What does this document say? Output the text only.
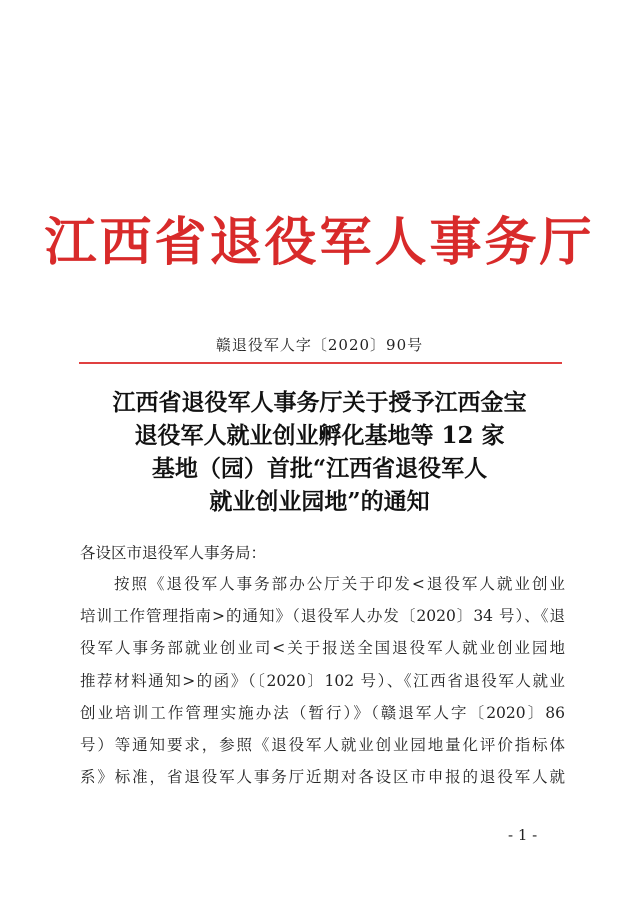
江西省退役军人事务厅
赣退役军人字〔2020〕90号
江西省退役军人事务厅关于授予江西金宝
退役军人就业创业孵化基地等 12 家
基地（园）首批“江西省退役军人
就业创业园地”的通知
各设区市退役军人事务局：
按照《退役军人事务部办公厅关于印发<退役军人就业创业
培训工作管理指南>的通知》（退役军人办发〔2020〕34 号）、《退
役军人事务部就业创业司<关于报送全国退役军人就业创业园地
推荐材料通知>的函》（〔2020〕102 号）、《江西省退役军人就业
创业培训工作管理实施办法（暂行）》（赣退军人字〔2020〕86
号）等通知要求，参照《退役军人就业创业园地量化评价指标体
系》标准，省退役军人事务厅近期对各设区市申报的退役军人就
- 1 -
